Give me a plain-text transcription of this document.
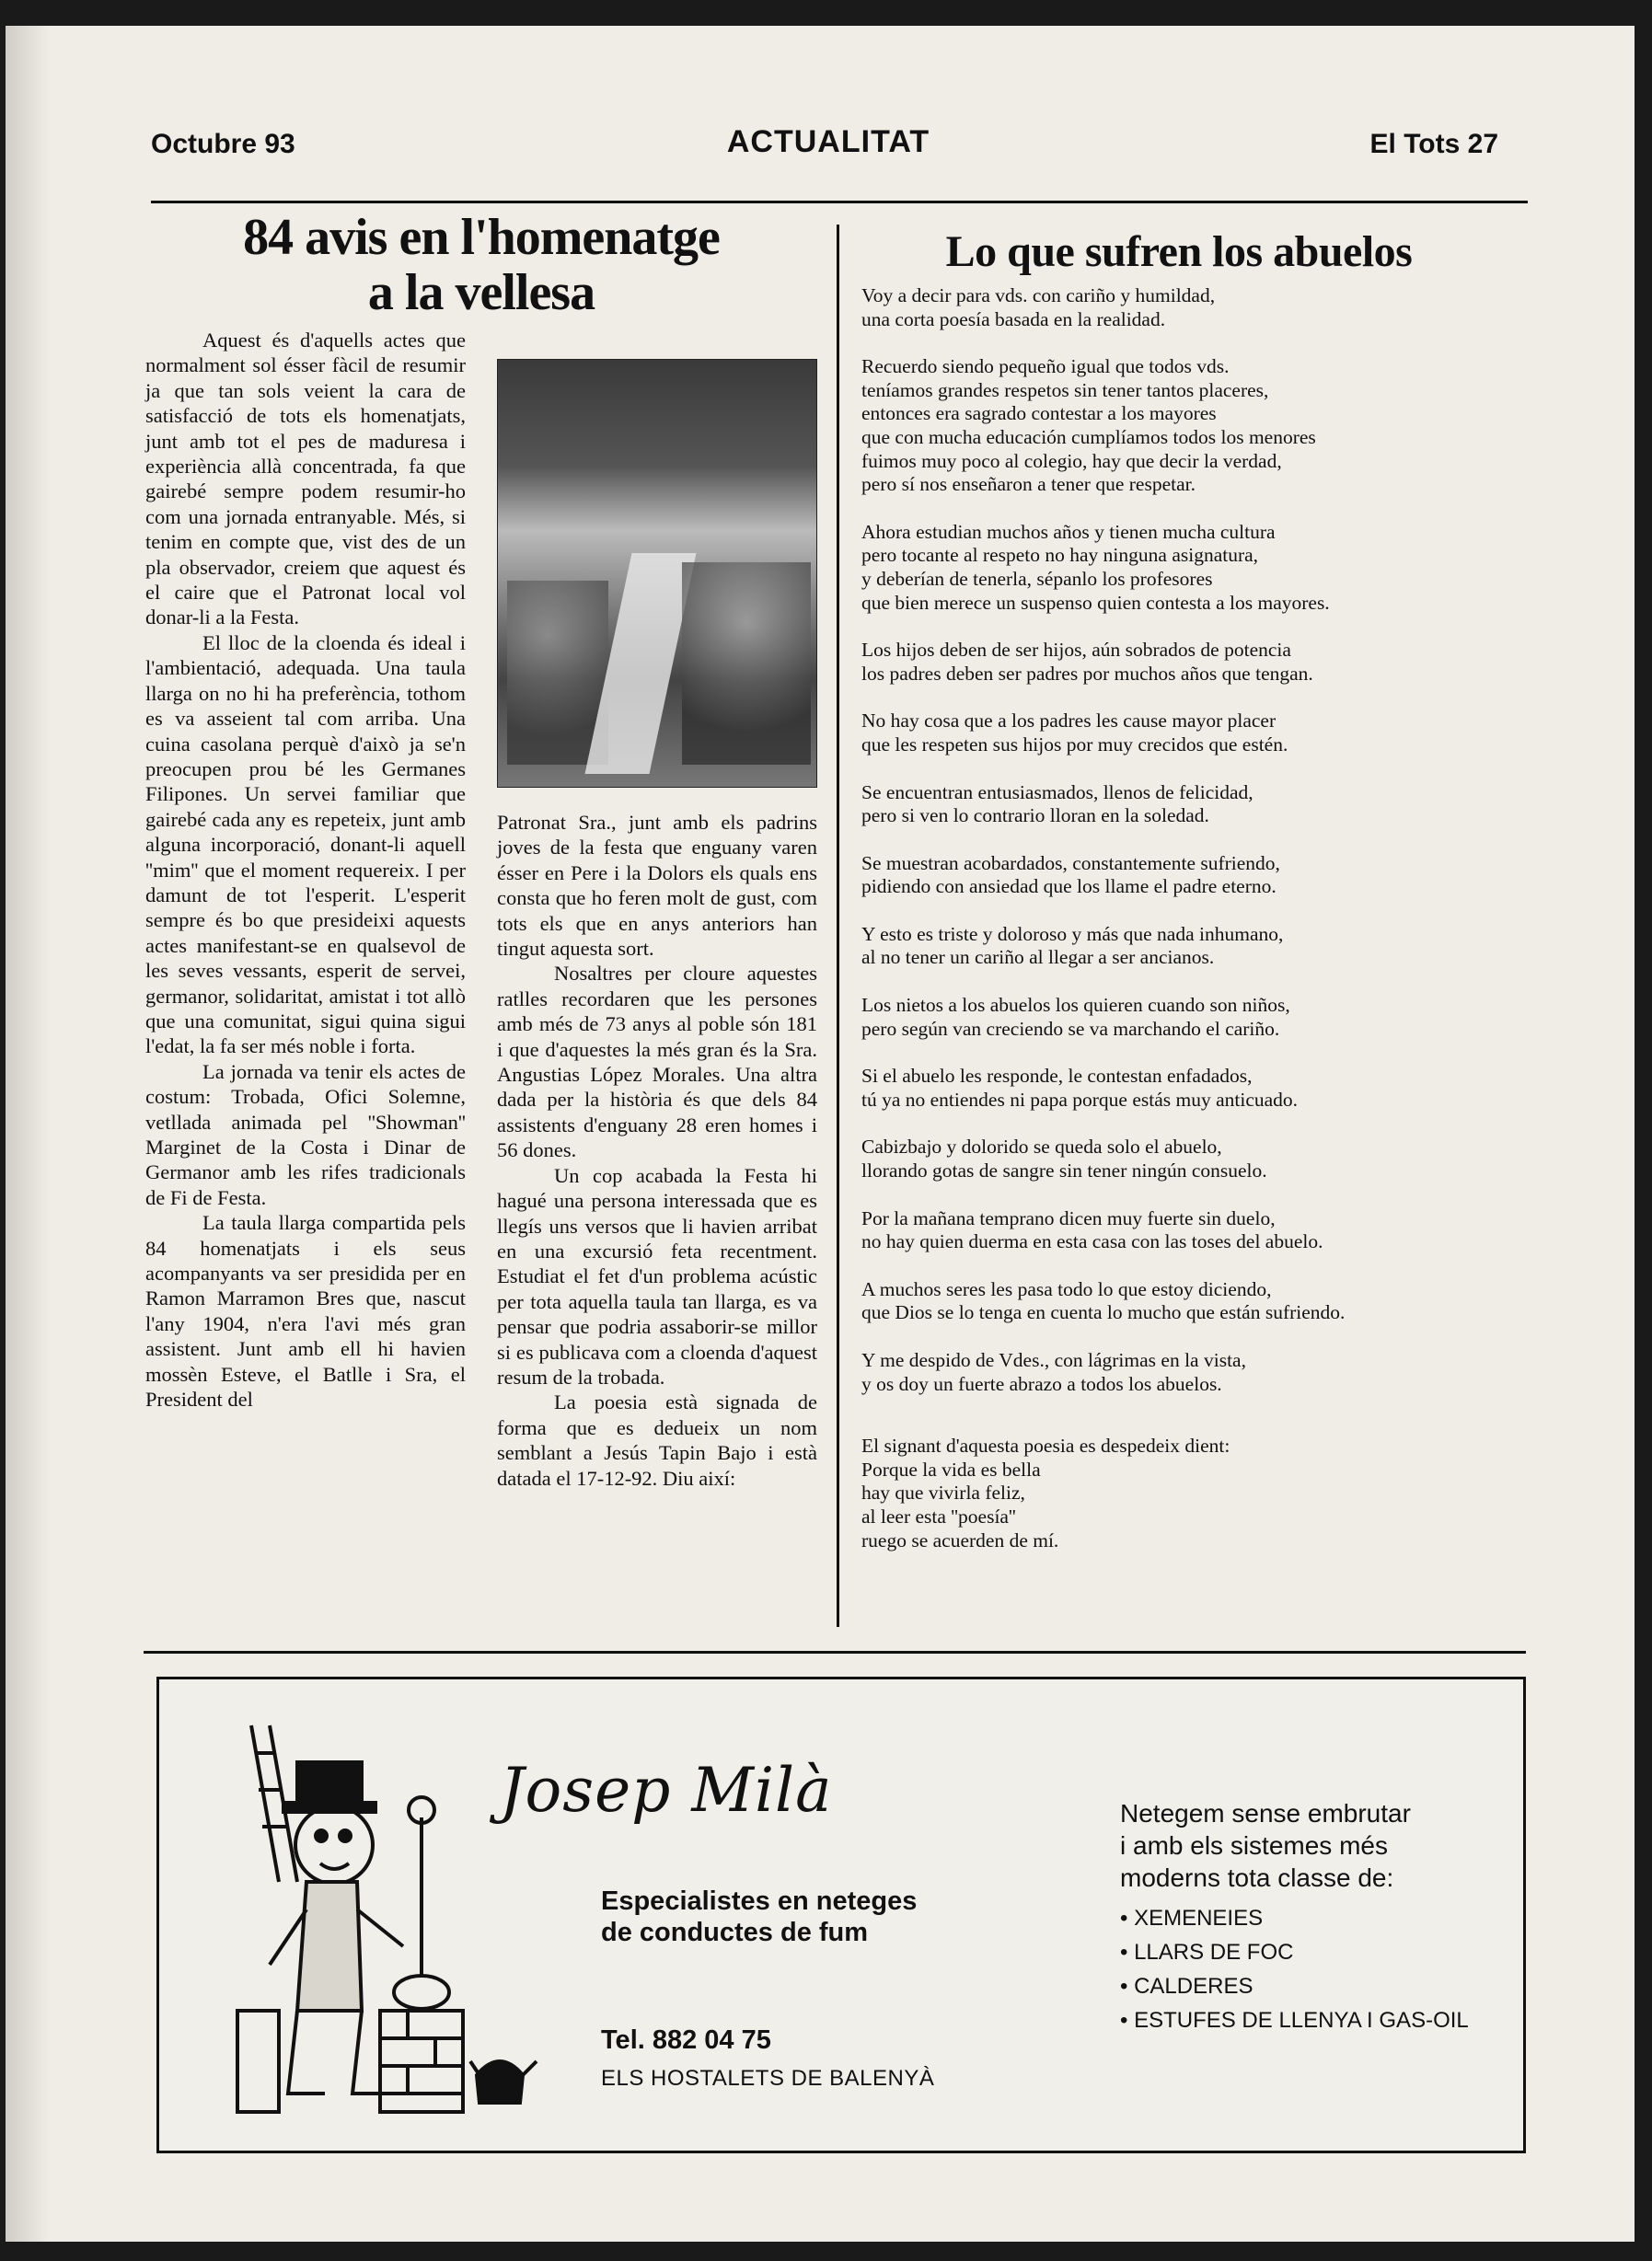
Octubre 93	ACTUALITAT	El Tots 27
84 avis en l'homenatge
a la vellesa

Aquest és d'aquells actes que normalment sol ésser fàcil de resumir ja que tan sols veient la cara de satisfacció de tots els homenatjats, junt amb tot el pes de maduresa i experiència allà concentrada, fa que gairebé sempre podem resumir-ho com una jornada entranyable. Més, si tenim en compte que, vist des de un pla observador, creiem que aquest és el caire que el Patronat local vol donar-li a la Festa.

El lloc de la cloenda és ideal i l'ambientació, adequada. Una taula llarga on no hi ha preferència, tothom es va asseient tal com arriba. Una cuina casolana perquè d'això ja se'n preocupen prou bé les Germanes Filipones. Un servei familiar que gairebé cada any es repeteix, junt amb alguna incorporació, donant-li aquell ''mim'' que el moment requereix. I per damunt de tot l'esperit. L'esperit sempre és bo que presideixi aquests actes manifestant-se en qualsevol de les seves vessants, esperit de servei, germanor, solidaritat, amistat i tot allò que una comunitat, sigui quina sigui l'edat, la fa ser més noble i forta.

La jornada va tenir els actes de costum: Trobada, Ofici Solemne, vetllada animada pel ''Showman'' Marginet de la Costa i Dinar de Germanor amb les rifes tradicionals de Fi de Festa.

La taula llarga compartida pels 84 homenatjats i els seus acompanyants va ser presidida per en Ramon Marramon Bres que, nascut l'any 1904, n'era l'avi més gran assistent. Junt amb ell hi havien mossèn Esteve, el Batlle i Sra, el President del

Patronat Sra., junt amb els padrins joves de la festa que enguany varen ésser en Pere i la Dolors els quals ens consta que ho feren molt de gust, com tots els que en anys anteriors han tingut aquesta sort.

Nosaltres per cloure aquestes ratlles recordaren que les persones amb més de 73 anys al poble són 181 i que d'aquestes la més gran és la Sra. Angustias López Morales. Una altra dada per la història és que dels 84 assistents d'enguany 28 eren homes i 56 dones.

Un cop acabada la Festa hi hagué una persona interessada que es llegís uns versos que li havien arribat en una excursió feta recentment. Estudiat el fet d'un problema acústic per tota aquella taula tan llarga, es va pensar que podria assaborir-se millor si es publicava com a cloenda d'aquest resum de la trobada.

La poesia està signada de forma que es dedueix un nom semblant a Jesús Tapin Bajo i està datada el 17-12-92. Diu així:

Lo que sufren los abuelos
Voy a decir para vds. con cariño y humildad,
una corta poesía basada en la realidad.
Recuerdo siendo pequeño igual que todos vds.
teníamos grandes respetos sin tener tantos placeres,
entonces era sagrado contestar a los mayores
que con mucha educación cumplíamos todos los menores
fuimos muy poco al colegio, hay que decir la verdad,
pero sí nos enseñaron a tener que respetar.
Ahora estudian muchos años y tienen mucha cultura
pero tocante al respeto no hay ninguna asignatura,
y deberían de tenerla, sépanlo los profesores
que bien merece un suspenso quien contesta a los mayores.
Los hijos deben de ser hijos, aún sobrados de potencia
los padres deben ser padres por muchos años que tengan.
No hay cosa que a los padres les cause mayor placer
que les respeten sus hijos por muy crecidos que estén.
Se encuentran entusiasmados, llenos de felicidad,
pero si ven lo contrario lloran en la soledad.
Se muestran acobardados, constantemente sufriendo,
pidiendo con ansiedad que los llame el padre eterno.
Y esto es triste y doloroso y más que nada inhumano,
al no tener un cariño al llegar a ser ancianos.
Los nietos a los abuelos los quieren cuando son niños,
pero según van creciendo se va marchando el cariño.
Si el abuelo les responde, le contestan enfadados,
tú ya no entiendes ni papa porque estás muy anticuado.
Cabizbajo y dolorido se queda solo el abuelo,
llorando gotas de sangre sin tener ningún consuelo.
Por la mañana temprano dicen muy fuerte sin duelo,
no hay quien duerma en esta casa con las toses del abuelo.
A muchos seres les pasa todo lo que estoy diciendo,
que Dios se lo tenga en cuenta lo mucho que están sufriendo.
Y me despido de Vdes., con lágrimas en la vista,
y os doy un fuerte abrazo a todos los abuelos.
El signant d'aquesta poesia es despedeix dient:
Porque la vida es bella
hay que vivirla feliz,
al leer esta ''poesía''
ruego se acuerden de mí.
Josep Milà
Especialistes en neteges
de conductes de fum
Tel. 882 04 75
ELS HOSTALETS DE BALENYÀ
Netegem sense embrutar
i amb els sistemes més
moderns tota classe de:
• XEMENEIES
• LLARS DE FOC
• CALDERES
• ESTUFES DE LLENYA I GAS-OIL
